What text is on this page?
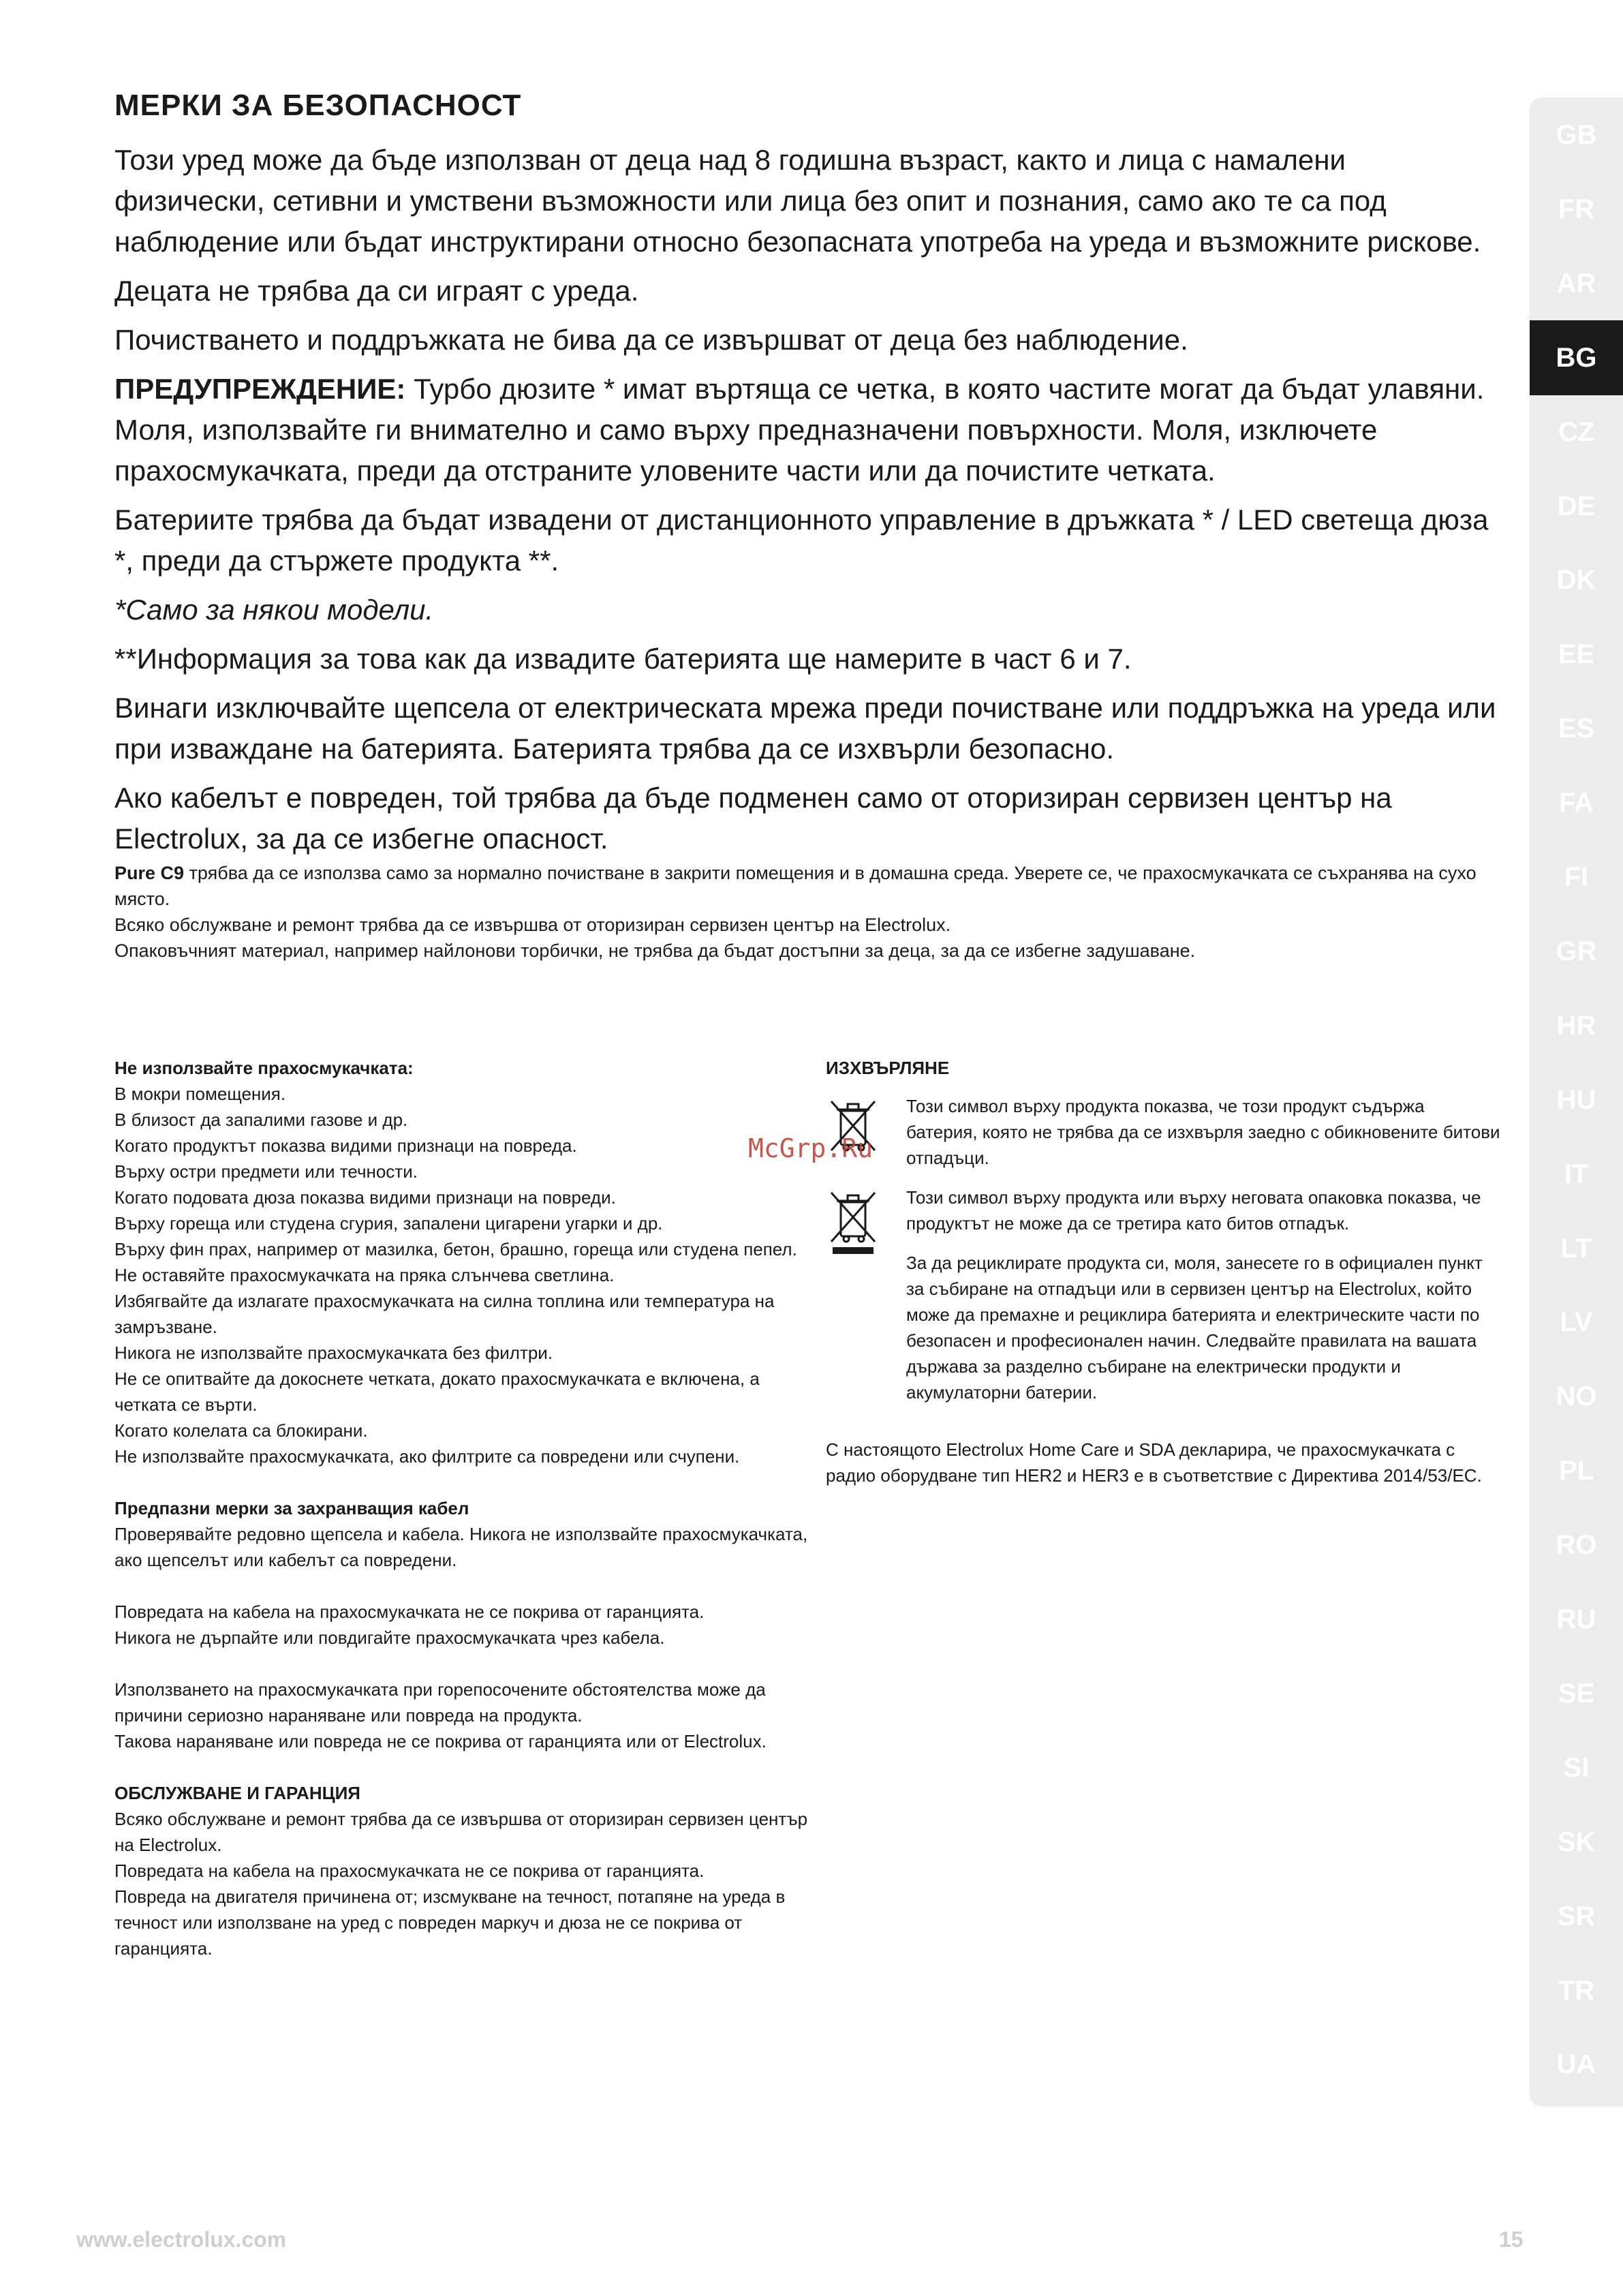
МЕРКИ ЗА БЕЗОПАСНОСТ

Този уред може да бъде използван от деца над 8 годишна възраст, както и лица с намалени физически, сетивни и умствени възможности или лица без опит и познания, само ако те са под наблюдение или бъдат инструктирани относно безопасната употреба на уреда и възможните рискове.

Децата не трябва да си играят с уреда.

Почистването и поддръжката не бива да се извършват от деца без наблюдение.

ПРЕДУПРЕЖДЕНИЕ: Турбо дюзите * имат въртяща се четка, в която частите могат да бъдат улавяни. Моля, използвайте ги внимателно и само върху предназначени повърхности. Моля, изключете прахосмукачката, преди да отстраните уловените части или да почистите четката.

Батериите трябва да бъдат извадени от дистанционното управление в дръжката * / LED светеща дюза *, преди да стържете продукта **.

*Само за някои модели.

**Информация за това как да извадите батерията ще намерите в част 6 и 7.

Винаги изключвайте щепсела от електрическата мрежа преди почистване или поддръжка на уреда или при изваждане на батерията. Батерията трябва да се изхвърли безопасно.

Ако кабелът е повреден, той трябва да бъде подменен само от оторизиран сервизен център на Electrolux, за да се избегне опасност.

Pure C9 трябва да се използва само за нормално почистване в закрити помещения и в домашна среда. Уверете се, че прахосмукачката се съхранява на сухо място.

Всяко обслужване и ремонт трябва да се извършва от оторизиран сервизен център на Electrolux.

Опаковъчният материал, например найлонови торбички, не трябва да бъдат достъпни за деца, за да се избегне задушаване.

Не използвайте прахосмукачката:
В мокри помещения.
В близост да запалими газове и др.
Когато продуктът показва видими признаци на повреда.
Върху остри предмети или течности.
Когато подовата дюза показва видими признаци на повреди.
Върху гореща или студена сгурия, запалени цигарени угарки и др.
Върху фин прах, например от мазилка, бетон, брашно, гореща или студена пепел.
Не оставяйте прахосмукачката на пряка слънчева светлина.
Избягвайте да излагате прахосмукачката на силна топлина или температура на замръзване.
Никога не използвайте прахосмукачката без филтри.
Не се опитвайте да докоснете четката, докато прахосмукачката е включена, а четката се върти.
Когато колелата са блокирани.
Не използвайте прахосмукачката, ако филтрите са повредени или счупени.
Предпазни мерки за захранващия кабел
Проверявайте редовно щепсела и кабела. Никога не използвайте прахосмукачката, ако щепселът или кабелът са повредени.
Повредата на кабела на прахосмукачката не се покрива от гаранцията.
Никога не дърпайте или повдигайте прахосмукачката чрез кабела.
Използването на прахосмукачката при горепосочените обстоятелства може да причини сериозно нараняване или повреда на продукта.
Такова нараняване или повреда не се покрива от гаранцията или от Electrolux.
ОБСЛУЖВАНЕ И ГАРАНЦИЯ
Всяко обслужване и ремонт трябва да се извършва от оторизиран сервизен център на Electrolux.
Повредата на кабела на прахосмукачката не се покрива от гаранцията.
Повреда на двигателя причинена от; изсмукване на течност, потапяне на уреда в течност или използване на уред с повреден маркуч и дюза не се покрива от гаранцията.
ИЗХВЪРЛЯНЕ
Този символ върху продукта показва, че този продукт съдържа батерия, която не трябва да се изхвърля заедно с обикновените битови отпадъци.
Този символ върху продукта или върху неговата опаковка показва, че продуктът не може да се третира като битов отпадък.
За да рециклирате продукта си, моля, занесете го в официален пункт за събиране на отпадъци или в сервизен център на Electrolux, който може да премахне и рециклира батерията и електрическите части по безопасен и професионален начин. Следвайте правилата на вашата държава за разделно събиране на електрически продукти и акумулаторни батерии.
С настоящото Electrolux Home Care и SDA декларира, че прахосмукачката с радио оборудване тип HER2 и HER3 е в съответствие с Директива 2014/53/ЕС.
McGrp.Ru
GB
FR
AR
BG
CZ
DE
DK
EE
ES
FA
FI
GR
HR
HU
IT
LT
LV
NO
PL
RO
RU
SE
SI
SK
SR
TR
UA
www.electrolux.com	15
